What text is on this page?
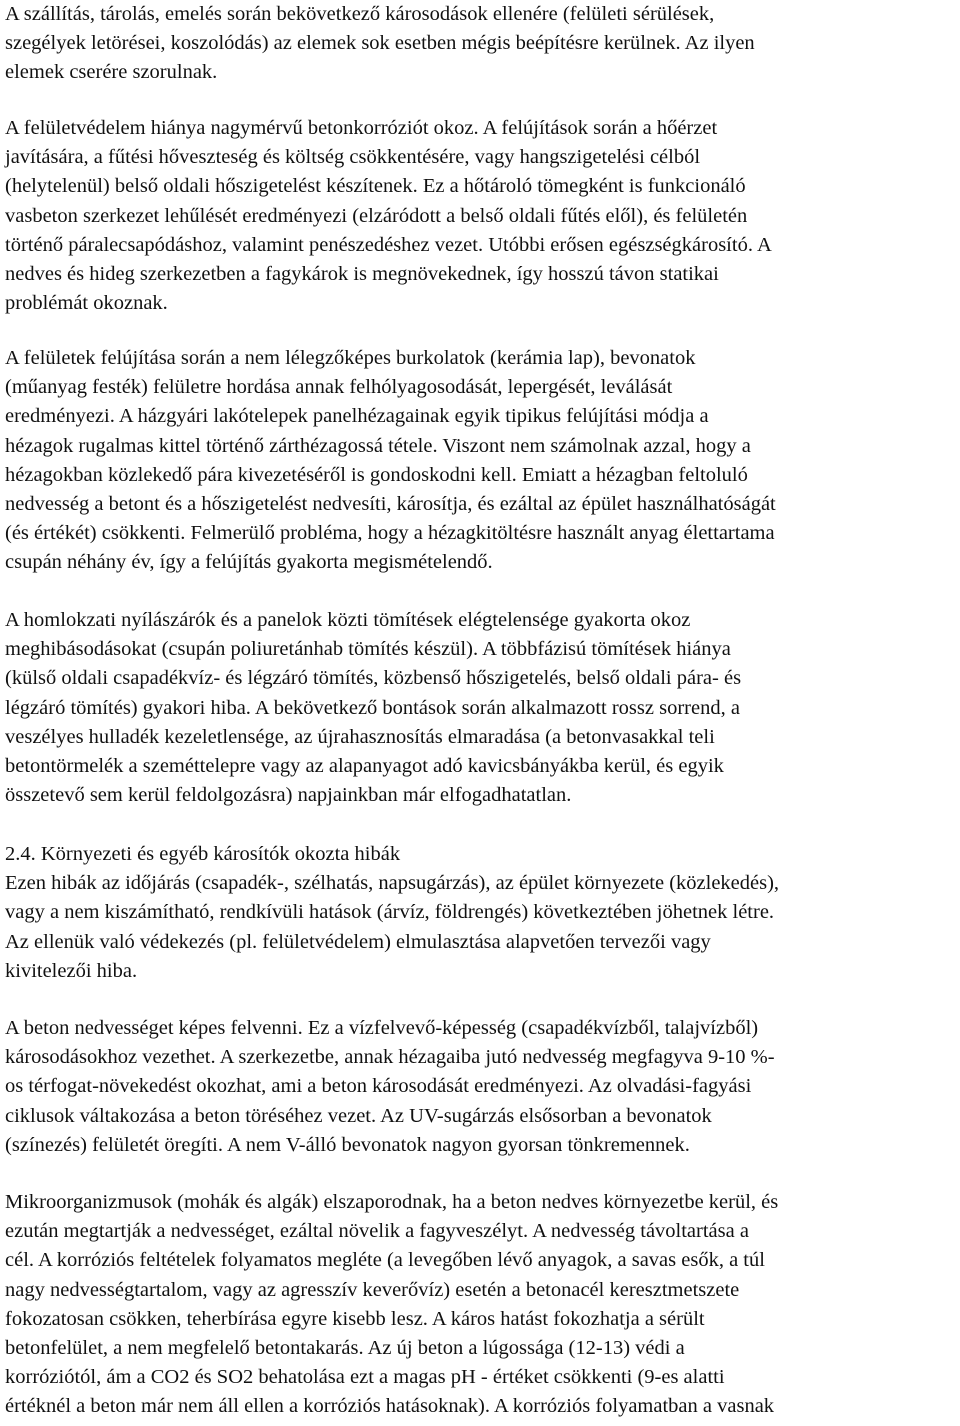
A szállítás, tárolás, emelés során bekövetkező károsodások ellenére (felületi sérülések,
szegélyek letörései, koszolódás) az elemek sok esetben mégis beépítésre kerülnek. Az ilyen
elemek cserére szorulnak.
A felületvédelem hiánya nagymérvű betonkorróziót okoz. A felújítások során a hőérzet
javítására, a fűtési hőveszteség és költség csökkentésére, vagy hangszigetelési célból
(helytelenül) belső oldali hőszigetelést készítenek. Ez a hőtároló tömegként is funkcionáló
vasbeton szerkezet lehűlését eredményezi (elzáródott a belső oldali fűtés elől), és felületén
történő páralecsapódáshoz, valamint penészedéshez vezet. Utóbbi erősen egészségkárosító. A
nedves és hideg szerkezetben a fagykárok is megnövekednek, így hosszú távon statikai
problémát okoznak.
A felületek felújítása során a nem lélegzőképes burkolatok (kerámia lap), bevonatok
(műanyag festék) felületre hordása annak felhólyagosodását, lepergését, leválását
eredményezi. A házgyári lakótelepek panelhézagainak egyik tipikus felújítási módja a
hézagok rugalmas kittel történő zárthézagossá tétele. Viszont nem számolnak azzal, hogy a
hézagokban közlekedő pára kivezetéséről is gondoskodni kell. Emiatt a hézagban feltoluló
nedvesség a betont és a hőszigetelést nedvesíti, károsítja, és ezáltal az épület használhatóságát
(és értékét) csökkenti. Felmerülő probléma, hogy a hézagkitöltésre használt anyag élettartama
csupán néhány év, így a felújítás gyakorta megismételendő.
A homlokzati nyílászárók és a panelok közti tömítések elégtelensége gyakorta okoz
meghibásodásokat (csupán poliuretánhab tömítés készül). A többfázisú tömítések hiánya
(külső oldali csapadékvíz- és légzáró tömítés, közbenső hőszigetelés, belső oldali pára- és
légzáró tömítés) gyakori hiba. A bekövetkező bontások során alkalmazott rossz sorrend, a
veszélyes hulladék kezeletlensége, az újrahasznosítás elmaradása (a betonvasakkal teli
betontörmelék a szeméttelepre vagy az alapanyagot adó kavicsbányákba kerül, és egyik
összetevő sem kerül feldolgozásra) napjainkban már elfogadhatatlan.
2.4. Környezeti és egyéb károsítók okozta hibák
Ezen hibák az időjárás (csapadék-, szélhatás, napsugárzás), az épület környezete (közlekedés),
vagy a nem kiszámítható, rendkívüli hatások (árvíz, földrengés) következtében jöhetnek létre.
Az ellenük való védekezés (pl. felületvédelem) elmulasztása alapvetően tervezői vagy
kivitelezői hiba.
A beton nedvességet képes felvenni. Ez a vízfelvevő-képesség (csapadékvízből, talajvízből)
károsodásokhoz vezethet. A szerkezetbe, annak hézagaiba jutó nedvesség megfagyva 9-10 %-
os térfogat-növekedést okozhat, ami a beton károsodását eredményezi. Az olvadási-fagyási
ciklusok váltakozása a beton töréséhez vezet. Az UV-sugárzás elsősorban a bevonatok
(színezés) felületét öregíti. A nem V-álló bevonatok nagyon gyorsan tönkremennek.
Mikroorganizmusok (mohák és algák) elszaporodnak, ha a beton nedves környezetbe kerül, és
ezután megtartják a nedvességet, ezáltal növelik a fagyveszélyt. A nedvesség távoltartása a
cél. A korróziós feltételek folyamatos megléte (a levegőben lévő anyagok, a savas esők, a túl
nagy nedvességtartalom, vagy az agresszív keverővíz) esetén a betonacél keresztmetszete
fokozatosan csökken, teherbírása egyre kisebb lesz. A káros hatást fokozhatja a sérült
betonfelület, a nem megfelelő betontakarás. Az új beton a lúgossága (12-13) védi a
korróziótól, ám a CO2 és SO2 behatolása ezt a magas pH - értéket csökkenti (9-es alatti
értéknél a beton már nem áll ellen a korróziós hatásoknak). A korróziós folyamatban a vasnak
